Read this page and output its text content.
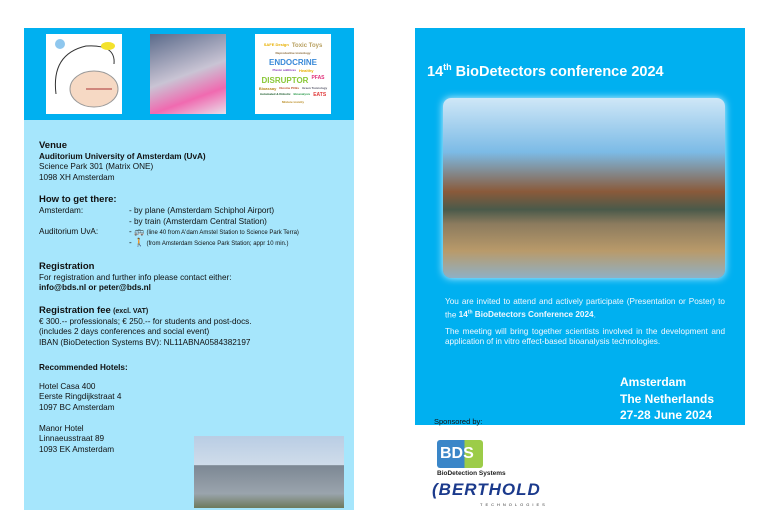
SAFE Design Toxic Toys
Reproductive toxicology
ENDOCRINE
Plastic additives Healthy
DISRUPTOR PFAS
Bioassay Dioxins PCBs Green Toxicology
Automated & Robotic Bioanalysis EATS
Mixture toxicity
Venue
Auditorium University of Amsterdam (UvA)
Science Park 301 (Matrix ONE)
1098 XH Amsterdam
How to get there:
Amsterdam:	- by plane (Amsterdam Schiphol Airport)
- by train (Amsterdam Central Station)
Auditorium UvA:	- 🚌 (line 40 from A'dam Amstel Station to Science Park Terra)
- 🚶 (from Amsterdam Science Park Station; appr 10 min.)
Registration
For registration and further info please contact either:
info@bds.nl or peter@bds.nl
Registration fee (excl. VAT)
€ 300.-- professionals; € 250.-- for students and post-docs.
(includes 2 days conferences and social event)
IBAN (BioDetection Systems BV): NL11ABNA0584382197
Recommended Hotels:
Hotel Casa 400
Eerste Ringdijkstraat 4
1097 BC Amsterdam
Manor Hotel
Linnaeusstraat 89
1093 EK Amsterdam
14th BioDetectors conference 2024

You are invited to attend and actively participate (Presentation or Poster) to the 14th BioDetectors Conference 2024.

The meeting will bring together scientists involved in the development and application of in vitro effect-based bioanalysis technologies.

Amsterdam
The Netherlands
27-28 June 2024
Sponsored by:
BDS
BioDetection Systems
(BERTHOLD
TECHNOLOGIES
